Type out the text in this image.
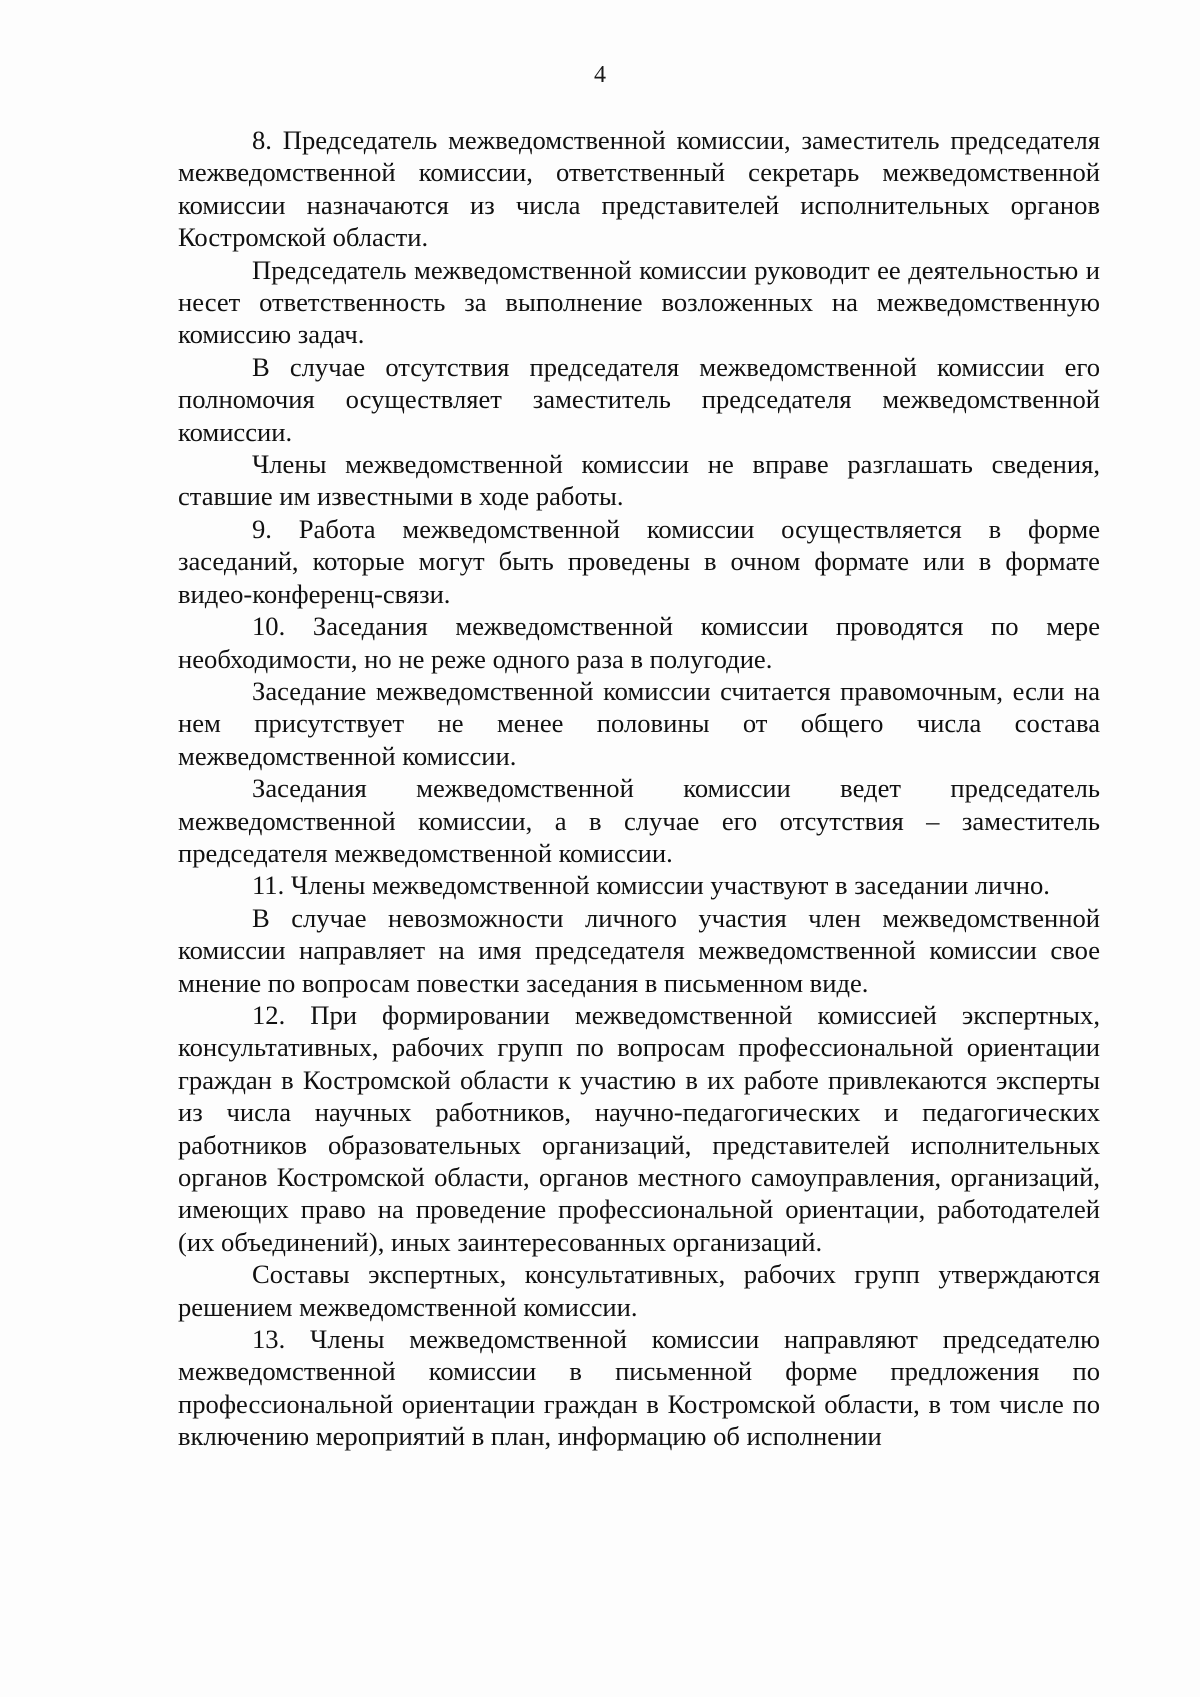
4

8. Председатель межведомственной комиссии, заместитель председателя межведомственной комиссии, ответственный секретарь межведомственной комиссии назначаются из числа представителей исполнительных органов Костромской области.

Председатель межведомственной комиссии руководит ее деятельностью и несет ответственность за выполнение возложенных на межведомственную комиссию задач.

В случае отсутствия председателя межведомственной комиссии его полномочия осуществляет заместитель председателя межведомственной комиссии.

Члены межведомственной комиссии не вправе разглашать сведения, ставшие им известными в ходе работы.

9. Работа межведомственной комиссии осуществляется в форме заседаний, которые могут быть проведены в очном формате или в формате видео-конференц-связи.

10. Заседания межведомственной комиссии проводятся по мере необходимости, но не реже одного раза в полугодие.

Заседание межведомственной комиссии считается правомочным, если на нем присутствует не менее половины от общего числа состава межведомственной комиссии.

Заседания межведомственной комиссии ведет председатель межведомственной комиссии, а в случае его отсутствия – заместитель председателя межведомственной комиссии.

11. Члены межведомственной комиссии участвуют в заседании лично.

В случае невозможности личного участия член межведомственной комиссии направляет на имя председателя межведомственной комиссии свое мнение по вопросам повестки заседания в письменном виде.

12. При формировании межведомственной комиссией экспертных, консультативных, рабочих групп по вопросам профессиональной ориентации граждан в Костромской области к участию в их работе привлекаются эксперты из числа научных работников, научно-педагогических и педагогических работников образовательных организаций, представителей исполнительных органов Костромской области, органов местного самоуправления, организаций, имеющих право на проведение профессиональной ориентации, работодателей (их объединений), иных заинтересованных организаций.

Составы экспертных, консультативных, рабочих групп утверждаются решением межведомственной комиссии.

13. Члены межведомственной комиссии направляют председателю межведомственной комиссии в письменной форме предложения по профессиональной ориентации граждан в Костромской области, в том числе по включению мероприятий в план, информацию об исполнении
